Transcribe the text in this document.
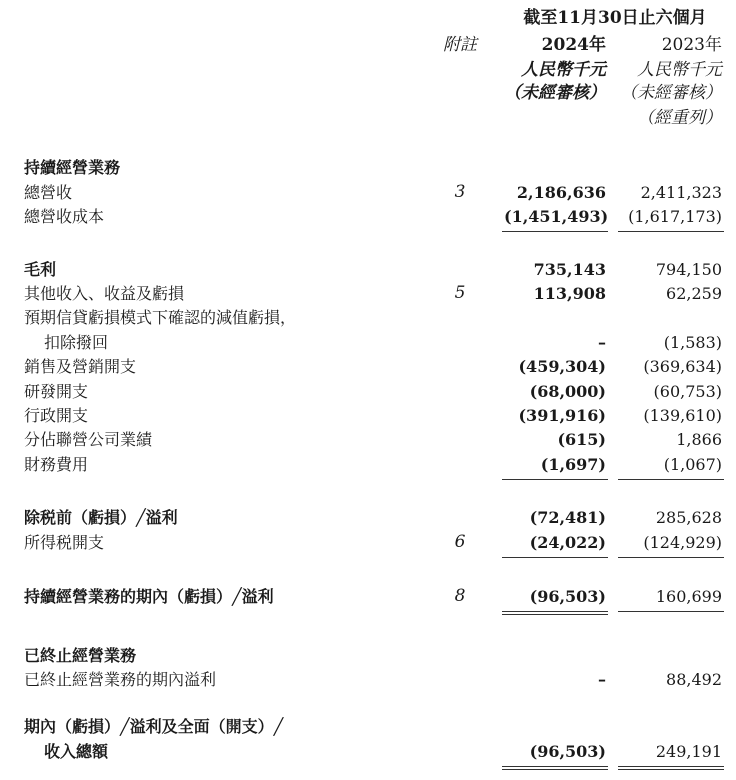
截至11月30日止六個月
附註	2024年	2023年
人民幣千元	人民幣千元
（未經審核） （未經審核）
（經重列）
持續經營業務
總營收	3	2,186,636	2,411,323
總營收成本	(1,451,493)	(1,617,173)
毛利	735,143	794,150
其他收入、收益及虧損	5	113,908	62,259
預期信貸虧損模式下確認的減值虧損，
扣除撥回	–	(1,583)
銷售及營銷開支	(459,304)	(369,634)
研發開支	(68,000)	(60,753)
行政開支	(391,916)	(139,610)
分佔聯營公司業績	(615)	1,866
財務費用	(1,697)	(1,067)
除税前（虧損）╱溢利	(72,481)	285,628
所得税開支	6	(24,022)	(124,929)
持續經營業務的期內（虧損）╱溢利	8	(96,503)	160,699
已終止經營業務
已終止經營業務的期內溢利	–	88,492
期內（虧損）╱溢利及全面（開支）╱
收入總額	(96,503)	249,191
